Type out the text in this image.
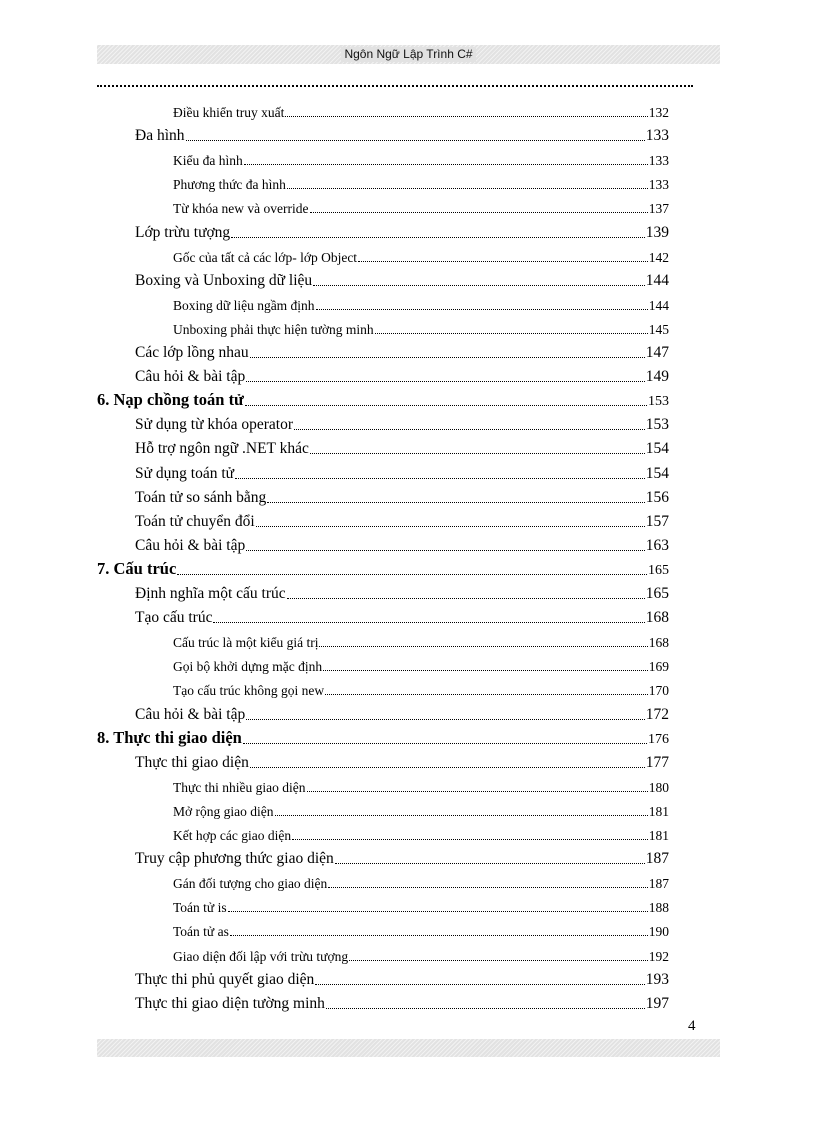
Ngôn Ngữ Lập Trình C#
Điều khiển truy xuất	132
Đa hình	133
Kiểu đa hình	133
Phương thức đa hình	133
Từ khóa new và override	137
Lớp trừu tượng	139
Gốc của tất cả các lớp- lớp Object	142
Boxing và Unboxing dữ liệu	144
Boxing dữ liệu ngầm định	144
Unboxing phải thực hiện tường minh	145
Các lớp lồng nhau	147
Câu hỏi & bài tập	149
6. Nạp chồng toán tử	153
Sử dụng từ khóa operator	153
Hỗ trợ ngôn ngữ .NET khác	154
Sử dụng toán tử	154
Toán tử so sánh bằng	156
Toán tử chuyển đổi	157
Câu hỏi & bài tập	163
7. Cấu trúc	165
Định nghĩa một cấu trúc	165
Tạo cấu trúc	168
Cấu trúc là một kiểu giá trị	168
Gọi bộ khởi dựng mặc định	169
Tạo cấu trúc không gọi new	170
Câu hỏi & bài tập	172
8. Thực thi giao diện	176
Thực thi giao diện	177
Thực thi nhiều giao diện	180
Mở rộng giao diện	181
Kết hợp các giao diện	181
Truy cập phương thức giao diện	187
Gán đối tượng cho giao diện	187
Toán tử is	188
Toán tử as	190
Giao diện đối lập với trừu tượng	192
Thực thi phủ quyết giao diện	193
Thực thi giao diện tường minh	197
4
